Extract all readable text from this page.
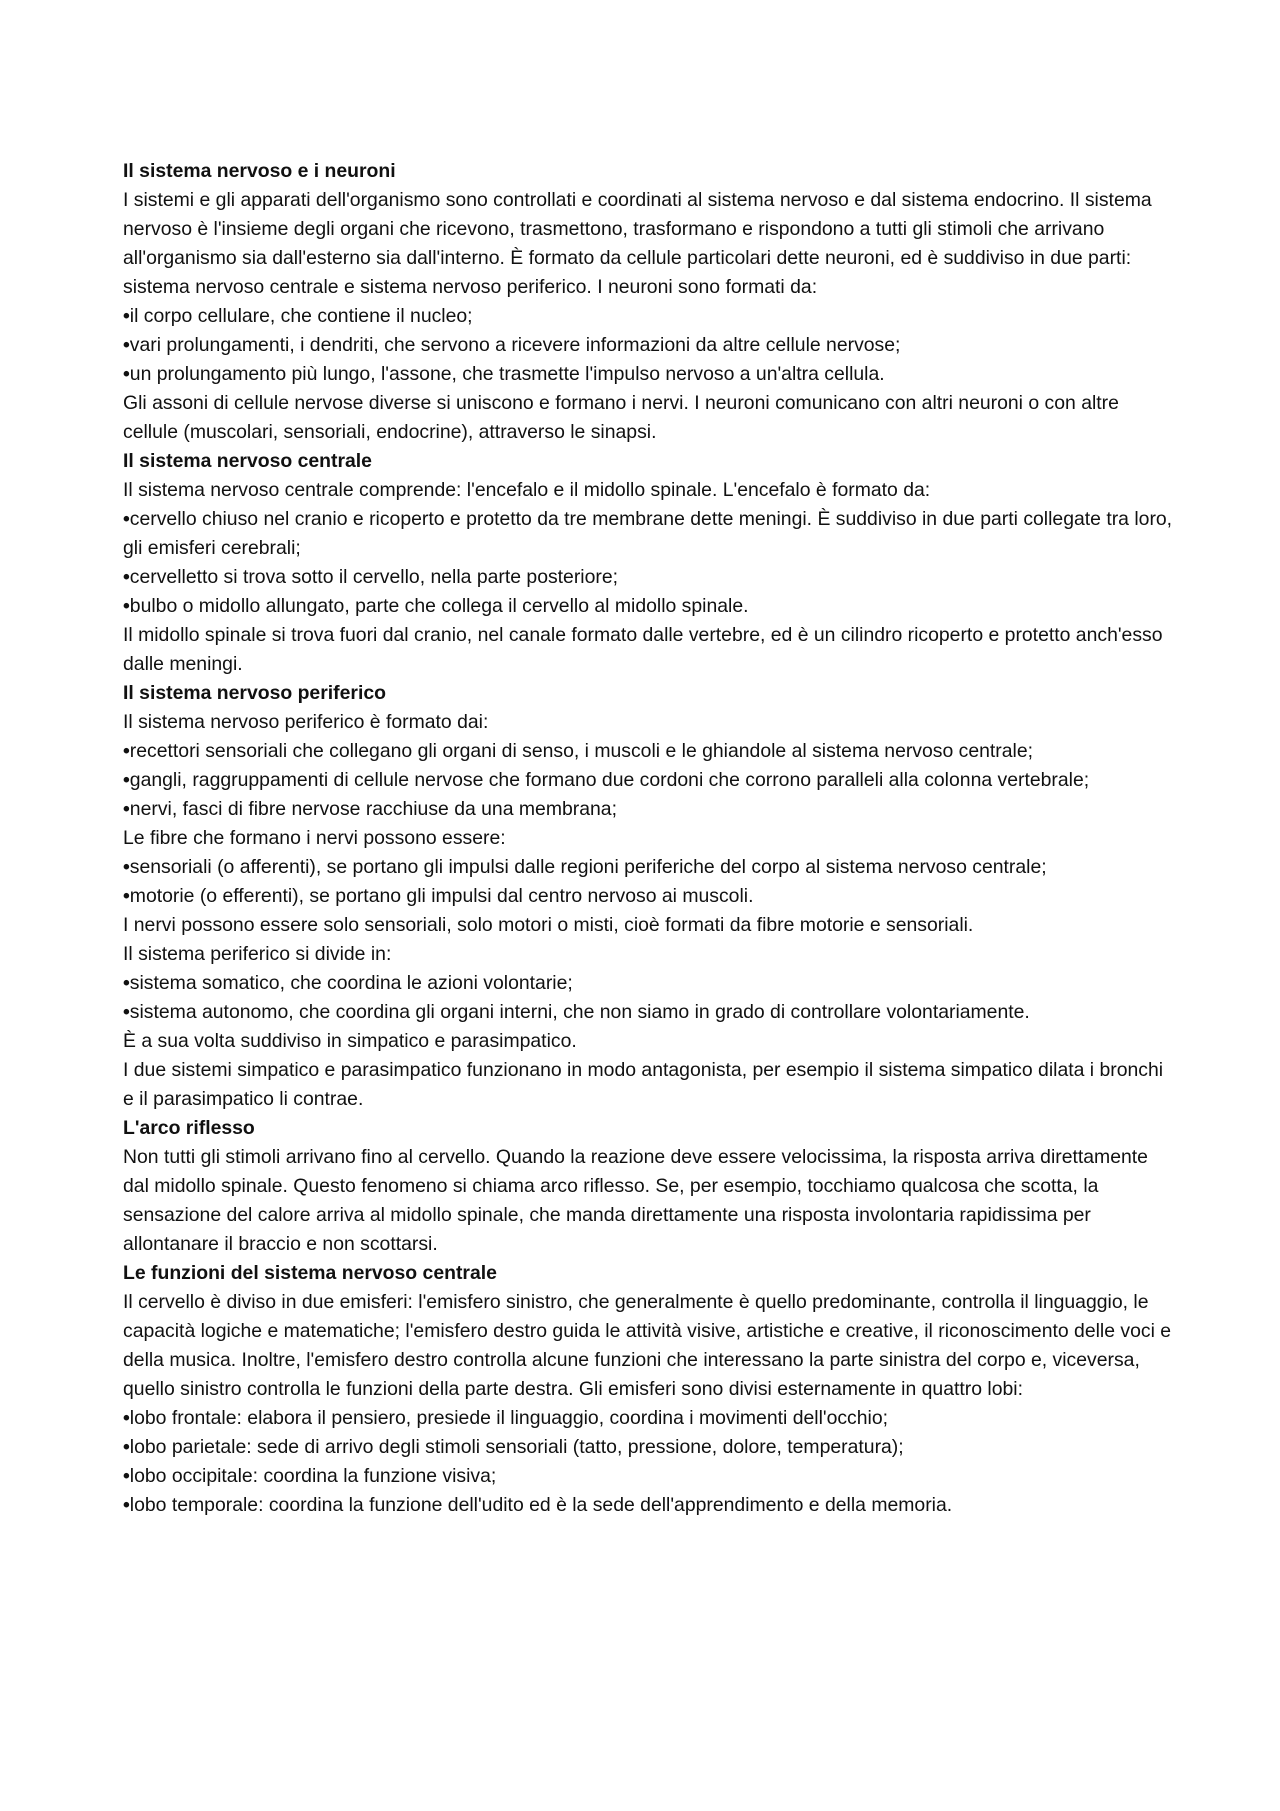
Il sistema nervoso e i neuroni

I sistemi e gli apparati dell'organismo sono controllati e coordinati al sistema nervoso e dal sistema endocrino. Il sistema nervoso è l'insieme degli organi che ricevono, trasmettono, trasformano e rispondono a tutti gli stimoli che arrivano all'organismo sia dall'esterno sia dall'interno. È formato da cellule particolari dette neuroni, ed è suddiviso in due parti: sistema nervoso centrale e sistema nervoso periferico. I neuroni sono formati da:

•il corpo cellulare, che contiene il nucleo;

•vari prolungamenti, i dendriti, che servono a ricevere informazioni da altre cellule nervose;

•un prolungamento più lungo, l'assone, che trasmette l'impulso nervoso a un'altra cellula.

Gli assoni di cellule nervose diverse si uniscono e formano i nervi. I neuroni comunicano con altri neuroni o con altre cellule (muscolari, sensoriali, endocrine), attraverso le sinapsi.

Il sistema nervoso centrale

Il sistema nervoso centrale comprende: l'encefalo e il midollo spinale. L'encefalo è formato da:

•cervello chiuso nel cranio e ricoperto e protetto da tre membrane dette meningi. È suddiviso in due parti collegate tra loro, gli emisferi cerebrali;

•cervelletto si trova sotto il cervello, nella parte posteriore;

•bulbo o midollo allungato, parte che collega il cervello al midollo spinale.

Il midollo spinale si trova fuori dal cranio, nel canale formato dalle vertebre, ed è un cilindro ricoperto e protetto anch'esso dalle meningi.

Il sistema nervoso periferico

Il sistema nervoso periferico è formato dai:

•recettori sensoriali che collegano gli organi di senso, i muscoli e le ghiandole al sistema nervoso centrale;

•gangli, raggruppamenti di cellule nervose che formano due cordoni che corrono paralleli alla colonna vertebrale;

•nervi, fasci di fibre nervose racchiuse da una membrana;

Le fibre che formano i nervi possono essere:

•sensoriali (o afferenti), se portano gli impulsi dalle regioni periferiche del corpo al sistema nervoso centrale;

•motorie (o efferenti), se portano gli impulsi dal centro nervoso ai muscoli.

I nervi possono essere solo sensoriali, solo motori o misti, cioè formati da fibre motorie e sensoriali.

Il sistema periferico si divide in:

•sistema somatico, che coordina le azioni volontarie;

•sistema autonomo, che coordina gli organi interni, che non siamo in grado di controllare volontariamente.

È a sua volta suddiviso in simpatico e parasimpatico.

I due sistemi simpatico e parasimpatico funzionano in modo antagonista, per esempio il sistema simpatico dilata i bronchi e il parasimpatico li contrae.

L'arco riflesso

Non tutti gli stimoli arrivano fino al cervello. Quando la reazione deve essere velocissima, la risposta arriva direttamente dal midollo spinale. Questo fenomeno si chiama arco riflesso. Se, per esempio, tocchiamo qualcosa che scotta, la sensazione del calore arriva al midollo spinale, che manda direttamente una risposta involontaria rapidissima per allontanare il braccio e non scottarsi.

Le funzioni del sistema nervoso centrale

Il cervello è diviso in due emisferi: l'emisfero sinistro, che generalmente è quello predominante, controlla il linguaggio, le capacità logiche e matematiche; l'emisfero destro guida le attività visive, artistiche e creative, il riconoscimento delle voci e della musica. Inoltre, l'emisfero destro controlla alcune funzioni che interessano la parte sinistra del corpo e, viceversa, quello sinistro controlla le funzioni della parte destra. Gli emisferi sono divisi esternamente in quattro lobi:

•lobo frontale: elabora il pensiero, presiede il linguaggio, coordina i movimenti dell'occhio;

•lobo parietale: sede di arrivo degli stimoli sensoriali (tatto, pressione, dolore, temperatura);

•lobo occipitale: coordina la funzione visiva;

•lobo temporale: coordina la funzione dell'udito ed è la sede dell'apprendimento e della memoria.
